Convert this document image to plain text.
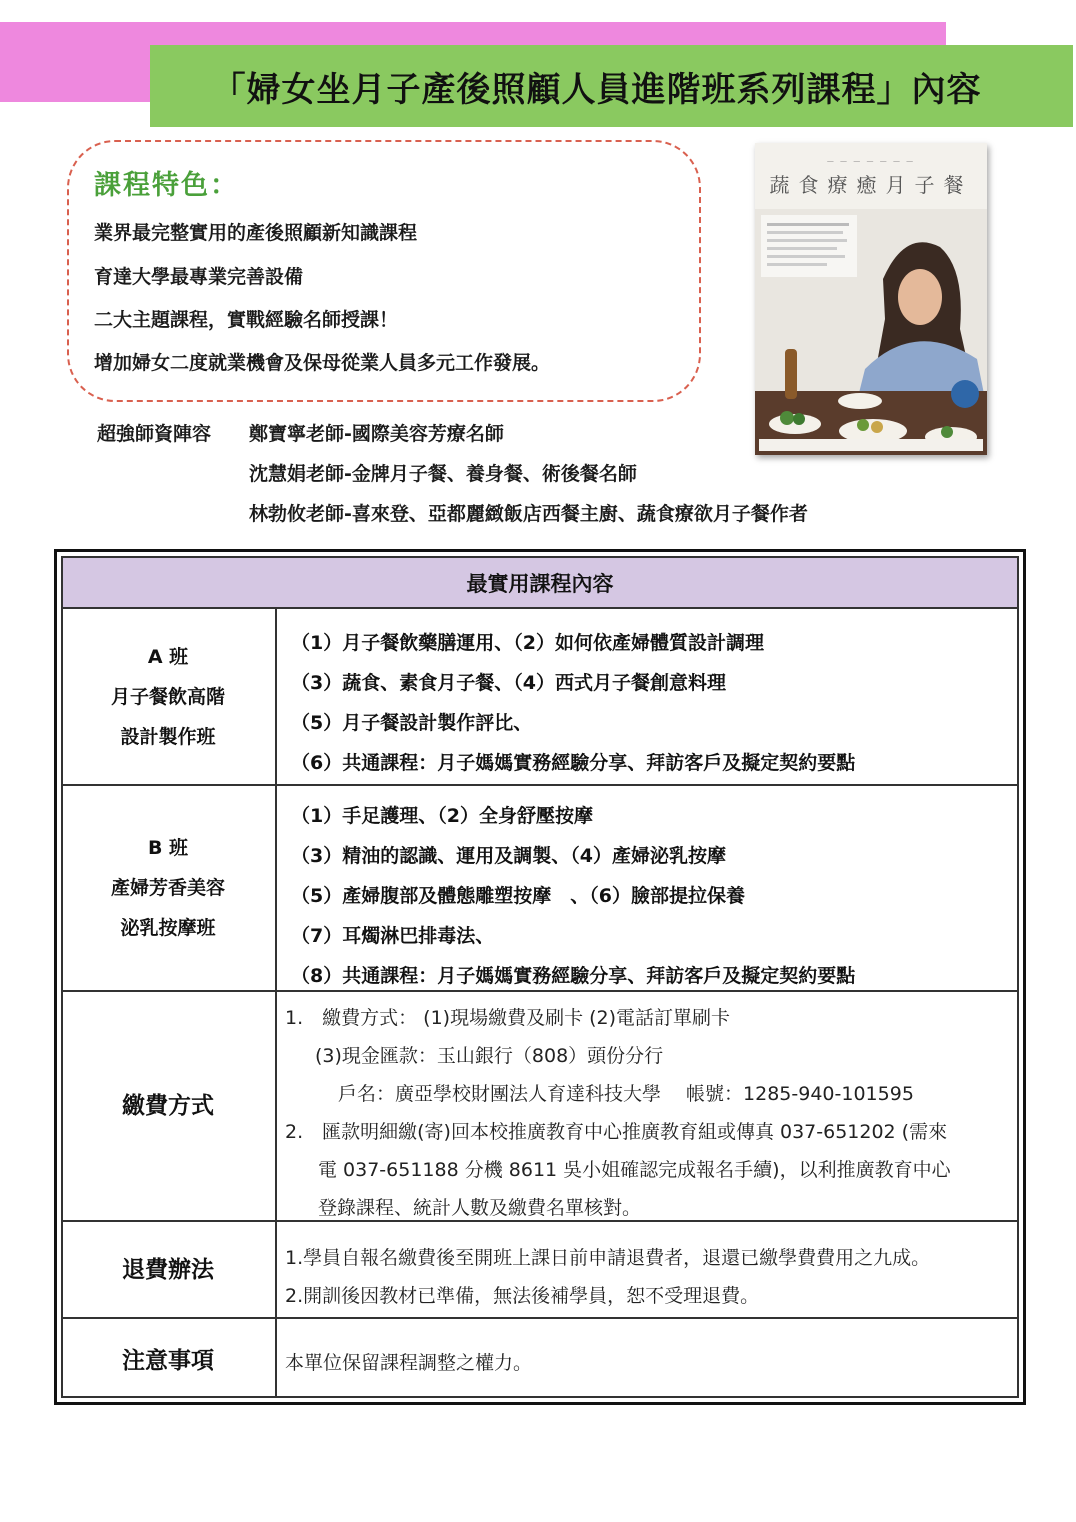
「婦女坐月子產後照顧人員進階班系列課程」內容
課程特色：
業界最完整實用的產後照顧新知識課程
育達大學最專業完善設備
二大主題課程，實戰經驗名師授課！
增加婦女二度就業機會及保母從業人員多元工作發展。
— — — — — — —
蔬食療癒月子餐
超強師資陣容 鄭寶寧老師-國際美容芳療名師
沈慧娟老師-金牌月子餐、養身餐、術後餐名師
林勃攸老師-喜來登、亞都麗緻飯店西餐主廚、蔬食療欲月子餐作者
最實用課程內容
A 班
月子餐飲高階
設計製作班
（1）月子餐飲藥膳運用、（2）如何依產婦體質設計調理
（3）蔬食、素食月子餐、（4）西式月子餐創意料理
（5）月子餐設計製作評比、
（6）共通課程：月子媽媽實務經驗分享、拜訪客戶及擬定契約要點
B 班
產婦芳香美容
泌乳按摩班
（1）手足護理、（2）全身舒壓按摩
（3）精油的認識、運用及調製、（4）產婦泌乳按摩
（5）產婦腹部及體態雕塑按摩　、（6）臉部提拉保養
（7）耳燭淋巴排毒法、
（8）共通課程：月子媽媽實務經驗分享、拜訪客戶及擬定契約要點
繳費方式
1.　繳費方式： (1)現場繳費及刷卡 (2)電話訂單刷卡
(3)現金匯款：玉山銀行（808）頭份分行
戶名：廣亞學校財團法人育達科技大學　 帳號：1285-940-101595
2.　匯款明細繳(寄)回本校推廣教育中心推廣教育組或傳真 037-651202 (需來
電 037-651188 分機 8611 吳小姐確認完成報名手續)，以利推廣教育中心
登錄課程、統計人數及繳費名單核對。
退費辦法	1.學員自報名繳費後至開班上課日前申請退費者，退還已繳學費費用之九成。
2.開訓後因教材已準備，無法後補學員，恕不受理退費。
注意事項	本單位保留課程調整之權力。
